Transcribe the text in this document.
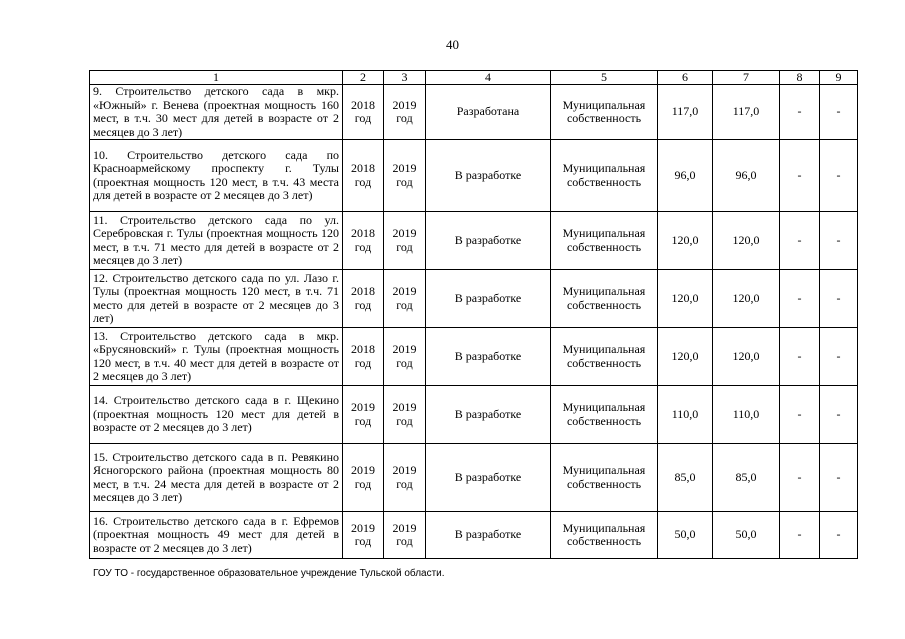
40
1	2	3	4	5	6	7	8	9
9. Строительство детского сада в мкр. «Южный» г. Венева (проектная мощность 160 мест, в т.ч. 30 мест для детей в возрасте от 2 месяцев до 3 лет)	2018 год	2019 год	Разработана	Муниципальная собственность	117,0	117,0	-	-
10. Строительство детского сада по Красноармейскому проспекту г. Тулы (проектная мощность 120 мест, в т.ч. 43 места для детей в возрасте от 2 месяцев до 3 лет)	2018 год	2019 год	В разработке	Муниципальная собственность	96,0	96,0	-	-
11. Строительство детского сада по ул. Серебровская г. Тулы (проектная мощность 120 мест, в т.ч. 71 место для детей в возрасте от 2 месяцев до 3 лет)	2018 год	2019 год	В разработке	Муниципальная собственность	120,0	120,0	-	-
12. Строительство детского сада по ул. Лазо г. Тулы (проектная мощность 120 мест, в т.ч. 71 место для детей в возрасте от 2 месяцев до 3 лет)	2018 год	2019 год	В разработке	Муниципальная собственность	120,0	120,0	-	-
13. Строительство детского сада в мкр. «Брусяновский» г. Тулы (проектная мощность 120 мест, в т.ч. 40 мест для детей в возрасте от 2 месяцев до 3 лет)	2018 год	2019 год	В разработке	Муниципальная собственность	120,0	120,0	-	-
14. Строительство детского сада в г. Щекино (проектная мощность 120 мест для детей в возрасте от 2 месяцев до 3 лет)	2019 год	2019 год	В разработке	Муниципальная собственность	110,0	110,0	-	-
15. Строительство детского сада в п. Ревякино Ясногорского района (проектная мощность 80 мест, в т.ч. 24 места для детей в возрасте от 2 месяцев до 3 лет)	2019 год	2019 год	В разработке	Муниципальная собственность	85,0	85,0	-	-
16. Строительство детского сада в г. Ефремов (проектная мощность 49 мест для детей в возрасте от 2 месяцев до 3 лет)	2019 год	2019 год	В разработке	Муниципальная собственность	50,0	50,0	-	-
ГОУ ТО - государственное образовательное учреждение Тульской области.
